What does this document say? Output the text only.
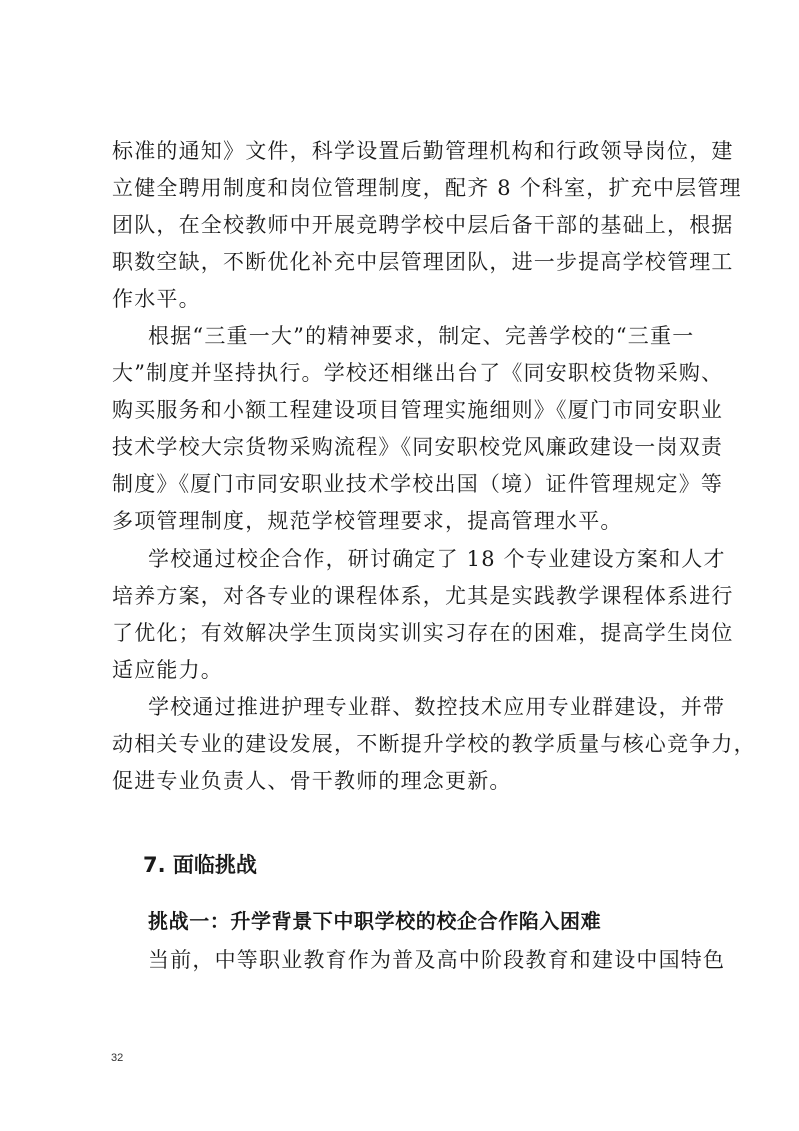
标准的通知》文件，科学设置后勤管理机构和行政领导岗位，建
立健全聘用制度和岗位管理制度，配齐 8 个科室，扩充中层管理
团队，在全校教师中开展竞聘学校中层后备干部的基础上，根据
职数空缺，不断优化补充中层管理团队，进一步提高学校管理工
作水平。
根据“三重一大”的精神要求，制定、完善学校的“三重一
大”制度并坚持执行。学校还相继出台了《同安职校货物采购、
购买服务和小额工程建设项目管理实施细则》《厦门市同安职业
技术学校大宗货物采购流程》《同安职校党风廉政建设一岗双责
制度》《厦门市同安职业技术学校出国（境）证件管理规定》等
多项管理制度，规范学校管理要求，提高管理水平。
学校通过校企合作，研讨确定了 18 个专业建设方案和人才
培养方案，对各专业的课程体系，尤其是实践教学课程体系进行
了优化；有效解决学生顶岗实训实习存在的困难，提高学生岗位
适应能力。
学校通过推进护理专业群、数控技术应用专业群建设，并带
动相关专业的建设发展，不断提升学校的教学质量与核心竞争力，
促进专业负责人、骨干教师的理念更新。
7. 面临挑战
挑战一：升学背景下中职学校的校企合作陷入困难
当前，中等职业教育作为普及高中阶段教育和建设中国特色
32
